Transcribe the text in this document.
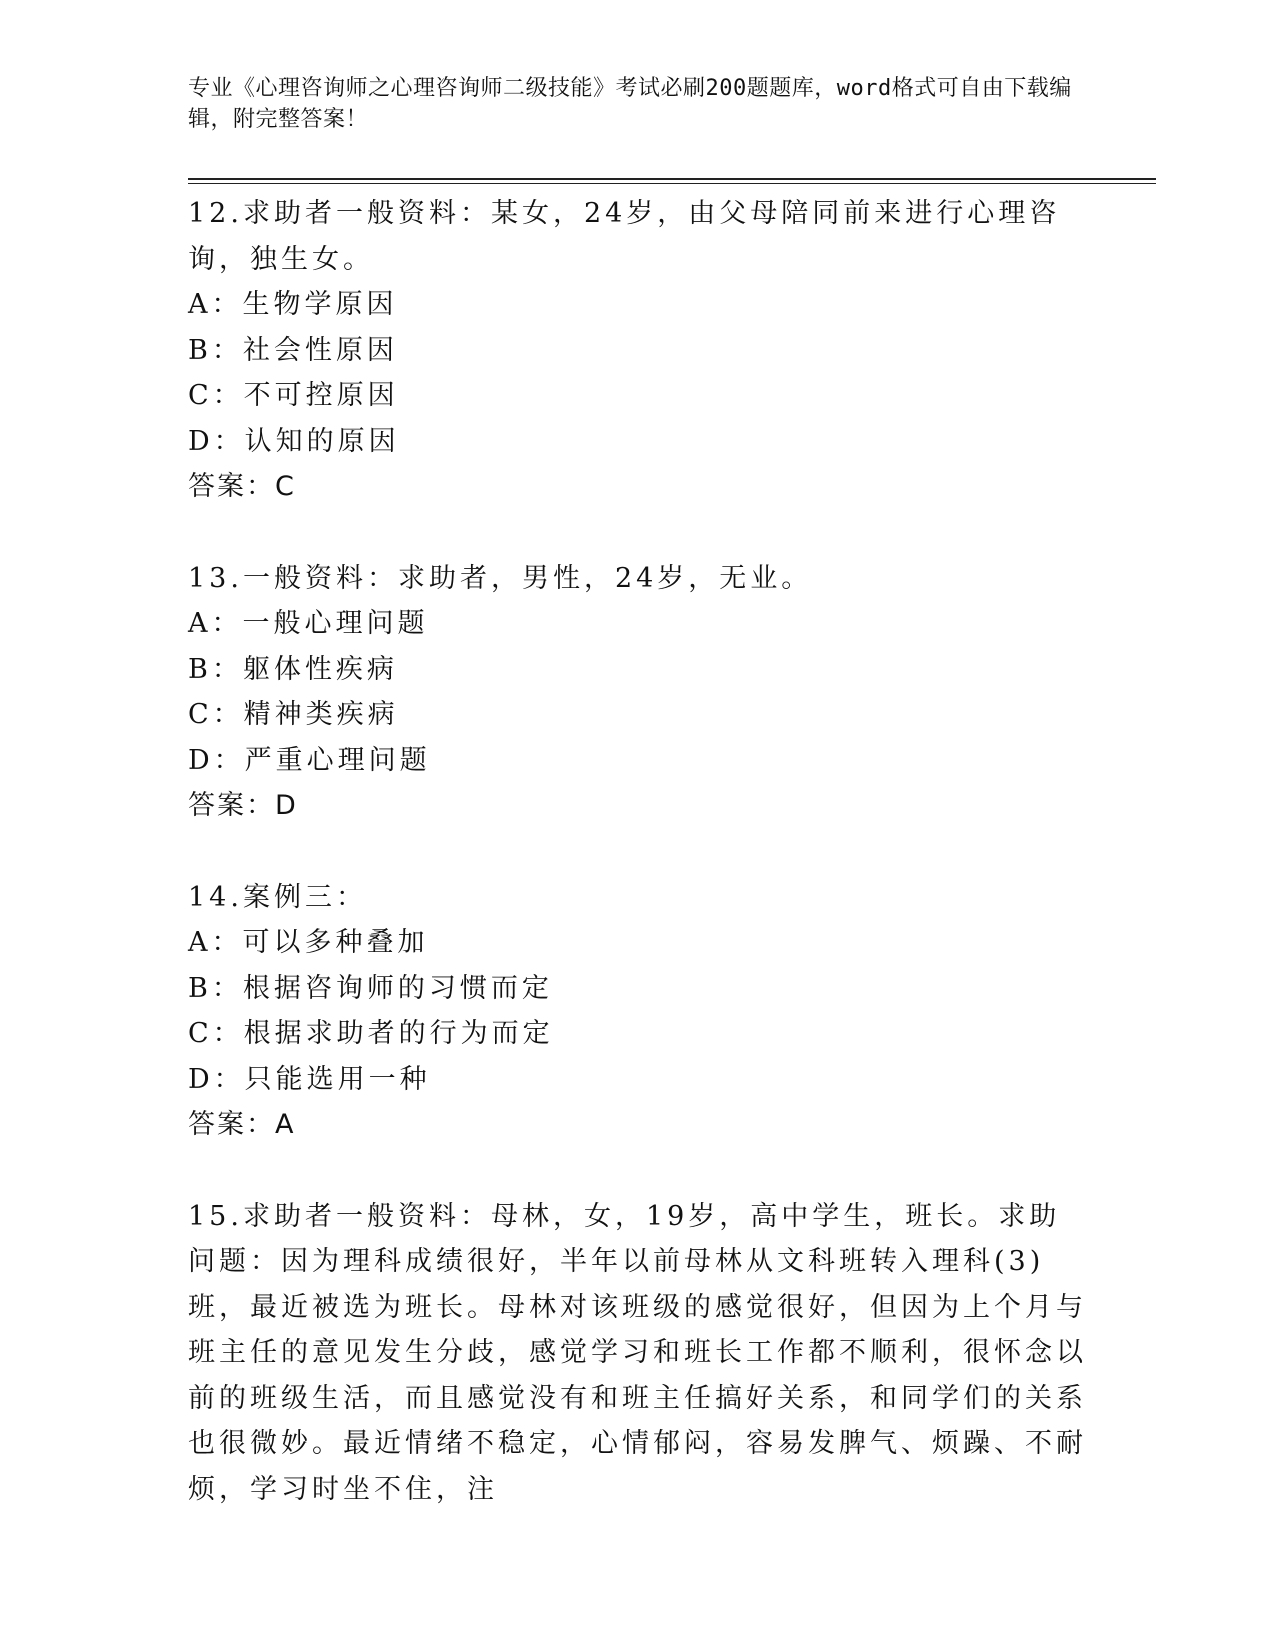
专业《心理咨询师之心理咨询师二级技能》考试必刷200题题库，word格式可自由下载编辑，附完整答案！

12.求助者一般资料：某女，24岁，由父母陪同前来进行心理咨询，独生女。

A：生物学原因

B：社会性原因

C：不可控原因

D：认知的原因

答案：C

13.一般资料：求助者，男性，24岁，无业。

A：一般心理问题

B：躯体性疾病

C：精神类疾病

D：严重心理问题

答案：D

14.案例三：

A：可以多种叠加

B：根据咨询师的习惯而定

C：根据求助者的行为而定

D：只能选用一种

答案：A

15.求助者一般资料：母林，女，19岁，高中学生，班长。求助问题：因为理科成绩很好，半年以前母林从文科班转入理科(3)班，最近被选为班长。母林对该班级的感觉很好，但因为上个月与班主任的意见发生分歧，感觉学习和班长工作都不顺利，很怀念以前的班级生活，而且感觉没有和班主任搞好关系，和同学们的关系也很微妙。最近情绪不稳定，心情郁闷，容易发脾气、烦躁、不耐烦，学习时坐不住，注
